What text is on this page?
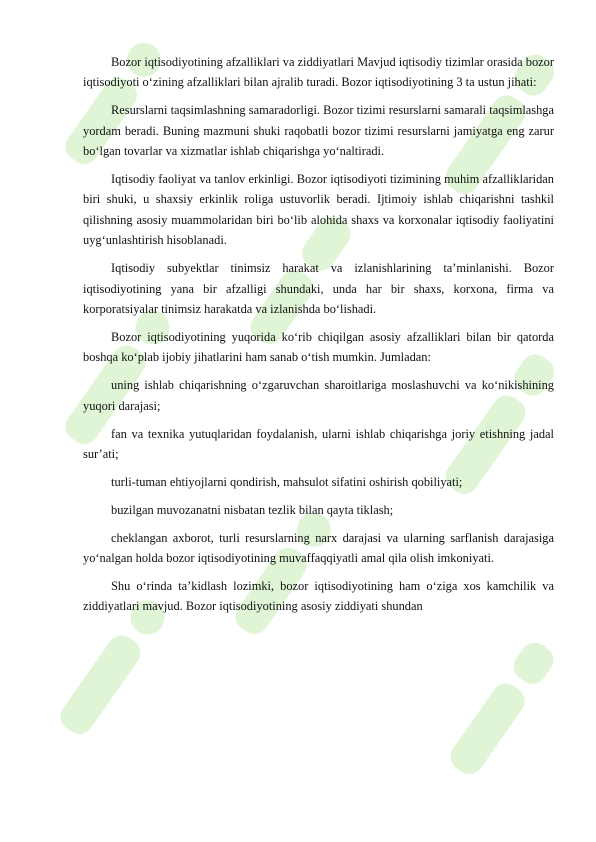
Bozor iqtisodiyotining afzalliklari va ziddiyatlari Mavjud iqtisodiy tizimlar orasida bozor iqtisodiyoti o‘zining afzalliklari bilan ajralib turadi. Bozor iqtisodiyotining 3 ta ustun jihati:

Resurslarni taqsimlashning samaradorligi. Bozor tizimi resurslarni samarali taqsimlashga yordam beradi. Buning mazmuni shuki raqobatli bozor tizimi resurslarni jamiyatga eng zarur bo‘lgan tovarlar va xizmatlar ishlab chiqarishga yo‘naltiradi.

Iqtisodiy faoliyat va tanlov erkinligi. Bozor iqtisodiyoti tizimining muhim afzalliklaridan biri shuki, u shaxsiy erkinlik roliga ustuvorlik beradi. Ijtimoiy ishlab chiqarishni tashkil qilishning asosiy muammolaridan biri bo‘lib alohida shaxs va korxonalar iqtisodiy faoliyatini uyg‘unlashtirish hisoblanadi.

Iqtisodiy subyektlar tinimsiz harakat va izlanishlarining ta’minlanishi. Bozor iqtisodiyotining yana bir afzalligi shundaki, unda har bir shaxs, korxona, firma va korporatsiyalar tinimsiz harakatda va izlanishda bo‘lishadi.

Bozor iqtisodiyotining yuqorida ko‘rib chiqilgan asosiy afzalliklari bilan bir qatorda boshqa ko‘plab ijobiy jihatlarini ham sanab o‘tish mumkin. Jumladan:

uning ishlab chiqarishning o‘zgaruvchan sharoitlariga moslashuvchi va ko‘nikishining yuqori darajasi;

fan va texnika yutuqlaridan foydalanish, ularni ishlab chiqarishga joriy etishning jadal sur’ati;

turli-tuman ehtiyojlarni qondirish, mahsulot sifatini oshirish qobiliyati;

buzilgan muvozanatni nisbatan tezlik bilan qayta tiklash;

cheklangan axborot, turli resurslarning narx darajasi va ularning sarflanish darajasiga yo‘nalgan holda bozor iqtisodiyotining muvaffaqqiyatli amal qila olish imkoniyati.

Shu o‘rinda ta’kidlash lozimki, bozor iqtisodiyotining ham o‘ziga xos kamchilik va ziddiyatlari mavjud. Bozor iqtisodiyotining asosiy ziddiyati shundan
